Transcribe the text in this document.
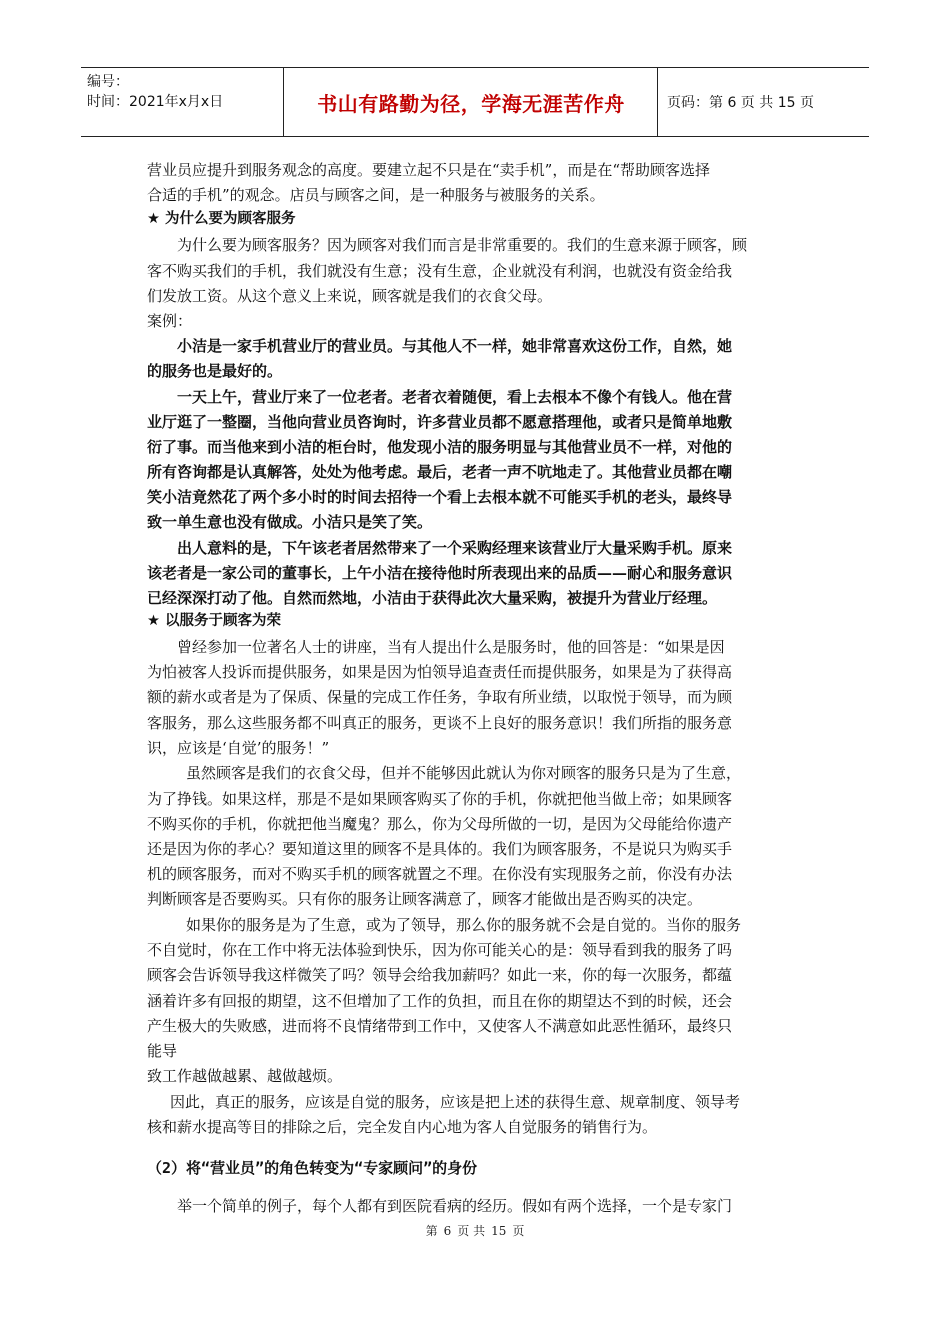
编号：
时间：2021年x月x日	书山有路勤为径，学海无涯苦作舟	页码：第 6 页 共 15 页
营业员应提升到服务观念的高度。要建立起不只是在“卖手机”，而是在“帮助顾客选择
合适的手机”的观念。店员与顾客之间，是一种服务与被服务的关系。
★ 为什么要为顾客服务
为什么要为顾客服务？因为顾客对我们而言是非常重要的。我们的生意来源于顾客，顾
客不购买我们的手机，我们就没有生意；没有生意，企业就没有利润，也就没有资金给我
们发放工资。从这个意义上来说，顾客就是我们的衣食父母。
案例：
小洁是一家手机营业厅的营业员。与其他人不一样，她非常喜欢这份工作，自然，她
的服务也是最好的。
一天上午，营业厅来了一位老者。老者衣着随便，看上去根本不像个有钱人。他在营
业厅逛了一整圈，当他向营业员咨询时，许多营业员都不愿意搭理他，或者只是简单地敷
衍了事。而当他来到小洁的柜台时，他发现小洁的服务明显与其他营业员不一样，对他的
所有咨询都是认真解答，处处为他考虑。最后，老者一声不吭地走了。其他营业员都在嘲
笑小洁竟然花了两个多小时的时间去招待一个看上去根本就不可能买手机的老头，最终导
致一单生意也没有做成。小洁只是笑了笑。
出人意料的是，下午该老者居然带来了一个采购经理来该营业厅大量采购手机。原来
该老者是一家公司的董事长，上午小洁在接待他时所表现出来的品质——耐心和服务意识
已经深深打动了他。自然而然地，小洁由于获得此次大量采购，被提升为营业厅经理。
★ 以服务于顾客为荣
曾经参加一位著名人士的讲座，当有人提出什么是服务时，他的回答是：“如果是因
为怕被客人投诉而提供服务，如果是因为怕领导追查责任而提供服务，如果是为了获得高
额的薪水或者是为了保质、保量的完成工作任务，争取有所业绩，以取悦于领导，而为顾
客服务，那么这些服务都不叫真正的服务，更谈不上良好的服务意识！我们所指的服务意
识，应该是‘自觉’的服务！”
虽然顾客是我们的衣食父母，但并不能够因此就认为你对顾客的服务只是为了生意，
为了挣钱。如果这样，那是不是如果顾客购买了你的手机，你就把他当做上帝；如果顾客
不购买你的手机，你就把他当魔鬼？那么，你为父母所做的一切，是因为父母能给你遗产
还是因为你的孝心？要知道这里的顾客不是具体的。我们为顾客服务，不是说只为购买手
机的顾客服务，而对不购买手机的顾客就置之不理。在你没有实现服务之前，你没有办法
判断顾客是否要购买。只有你的服务让顾客满意了，顾客才能做出是否购买的决定。
如果你的服务是为了生意，或为了领导，那么你的服务就不会是自觉的。当你的服务
不自觉时，你在工作中将无法体验到快乐，因为你可能关心的是：领导看到我的服务了吗
顾客会告诉领导我这样微笑了吗？领导会给我加薪吗？如此一来，你的每一次服务，都蕴
涵着许多有回报的期望，这不但增加了工作的负担，而且在你的期望达不到的时候，还会
产生极大的失败感，进而将不良情绪带到工作中，又使客人不满意如此恶性循环，最终只
能导
致工作越做越累、越做越烦。
因此，真正的服务，应该是自觉的服务，应该是把上述的获得生意、规章制度、领导考
核和薪水提高等目的排除之后，完全发自内心地为客人自觉服务的销售行为。
（2）将“营业员”的角色转变为“专家顾问”的身份
举一个简单的例子，每个人都有到医院看病的经历。假如有两个选择，一个是专家门
第 6 页 共 15 页
